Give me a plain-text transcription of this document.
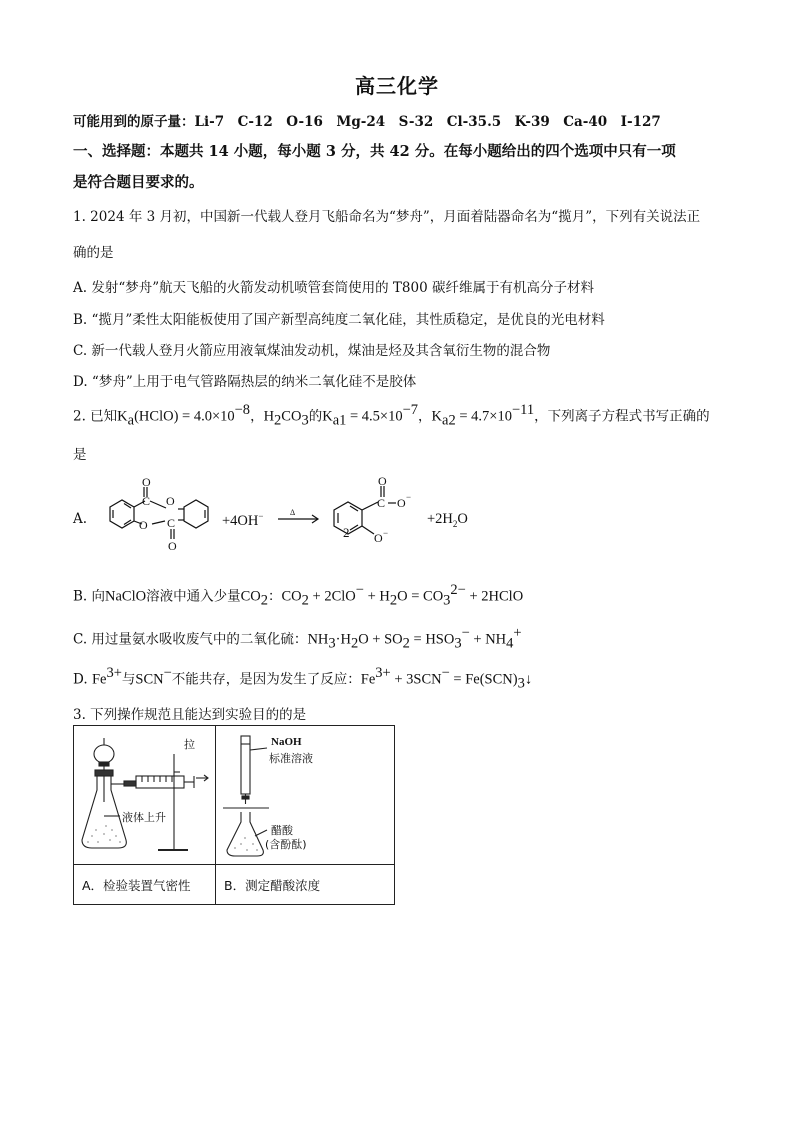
高三化学
可能用到的原子量：Li-7　C-12　O-16　Mg-24　S-32　Cl-35.5　K-39　Ca-40　I-127
一、选择题：本题共 14 小题，每小题 3 分，共 42 分。在每小题给出的四个选项中只有一项
是符合题目要求的。
1. 2024 年 3 月初，中国新一代载人登月飞船命名为“梦舟”，月面着陆器命名为“揽月”，下列有关说法正
确的是
A. 发射“梦舟”航天飞船的火箭发动机喷管套筒使用的 T800 碳纤维属于有机高分子材料
B. “揽月”柔性太阳能板使用了国产新型高纯度二氧化硅，其性质稳定，是优良的光电材料
C. 新一代载人登月火箭应用液氧煤油发动机，煤油是烃及其含氧衍生物的混合物
D. “梦舟”上用于电气管路隔热层的纳米二氧化硅不是胶体
2. 已知$K_a(HClO) = 4.0\times 10^{-8}$，$H_2CO_3$的$K_{a1} = 4.5\times 10^{-7}$，$K_{a2} = 4.7\times 10^{-11}$，下列离子方程式书写正确的
是
A.
O
C O
O C
O
O
C O
O
2
−
−
+4OH−	Δ	$+2H_2O$
B. 向NaClO溶液中通入少量$CO_2$：$CO_2 + 2ClO^- + H_2O = CO_3^{2-}$ + 2HClO
C. 用过量氨水吸收废气中的二氧化硫：$NH_3\cdot H_2O + SO_2 = HSO_3^- + NH_4^+$
D. $Fe^{3+}$与SCN−不能共存，是因为发生了反应：$Fe^{3+} + 3SCN^-$ = $Fe(SCN)_3↓$
3. 下列操作规范且能达到实验目的的是
拉
液体上升
NaOH
标准溶液
醋酸
(含酚酞)
A．检验装置气密性	B．测定醋酸浓度
